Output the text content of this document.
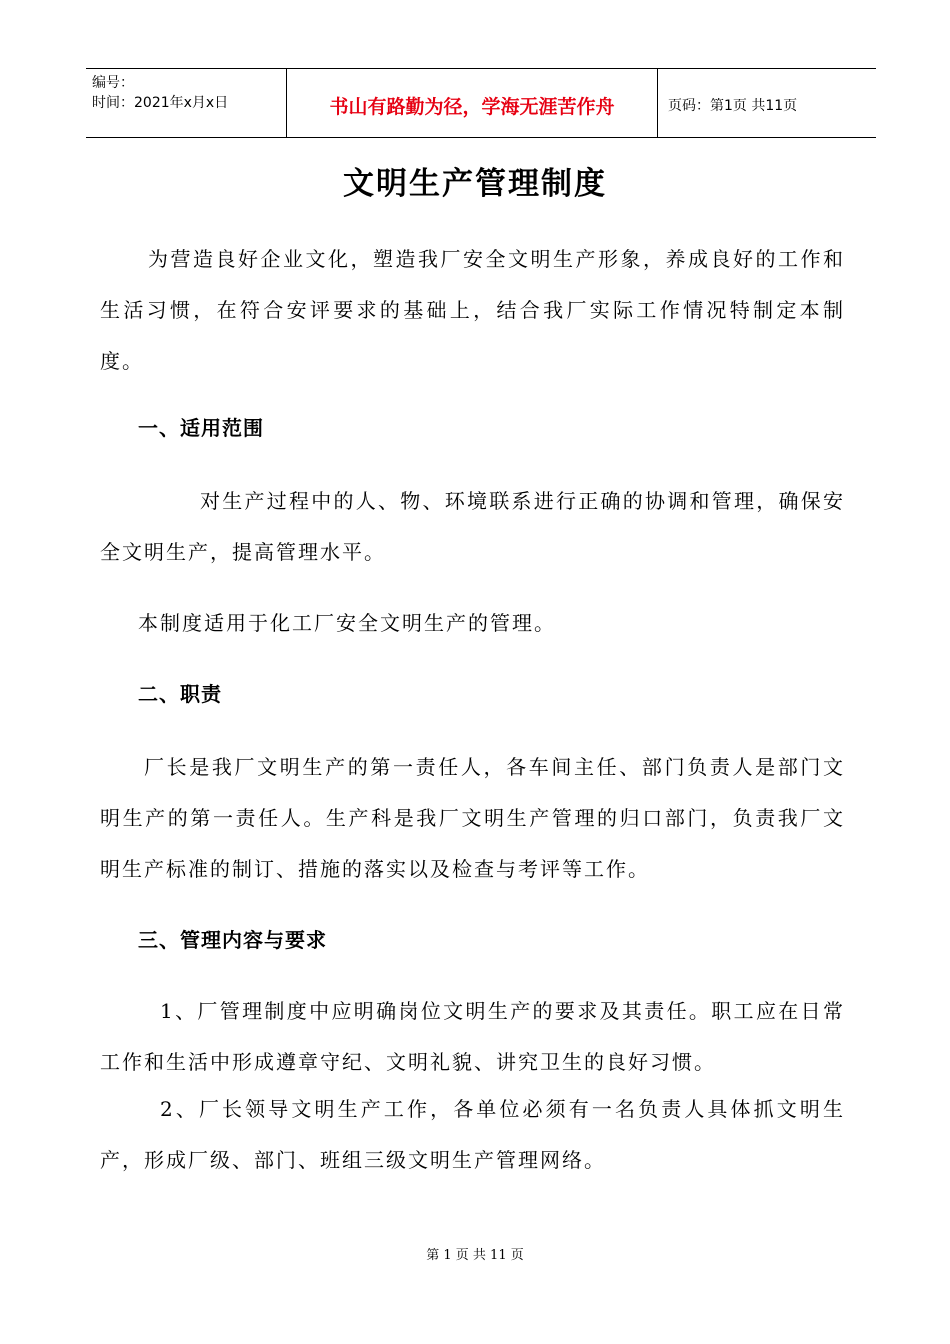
编号：
时间：2021年x月x日	书山有路勤为径，学海无涯苦作舟	页码：第1页 共11页
文明生产管理制度

为营造良好企业文化，塑造我厂安全文明生产形象，养成良好的工作和生活习惯，在符合安评要求的基础上，结合我厂实际工作情况特制定本制度。

一、适用范围

对生产过程中的人、物、环境联系进行正确的协调和管理，确保安全文明生产，提高管理水平。

本制度适用于化工厂安全文明生产的管理。

二、职责

厂长是我厂文明生产的第一责任人，各车间主任、部门负责人是部门文明生产的第一责任人。生产科是我厂文明生产管理的归口部门，负责我厂文明生产标准的制订、措施的落实以及检查与考评等工作。

三、管理内容与要求

1、厂管理制度中应明确岗位文明生产的要求及其责任。职工应在日常工作和生活中形成遵章守纪、文明礼貌、讲究卫生的良好习惯。

2、厂长领导文明生产工作，各单位必须有一名负责人具体抓文明生产，形成厂级、部门、班组三级文明生产管理网络。

第 1 页 共 11 页
